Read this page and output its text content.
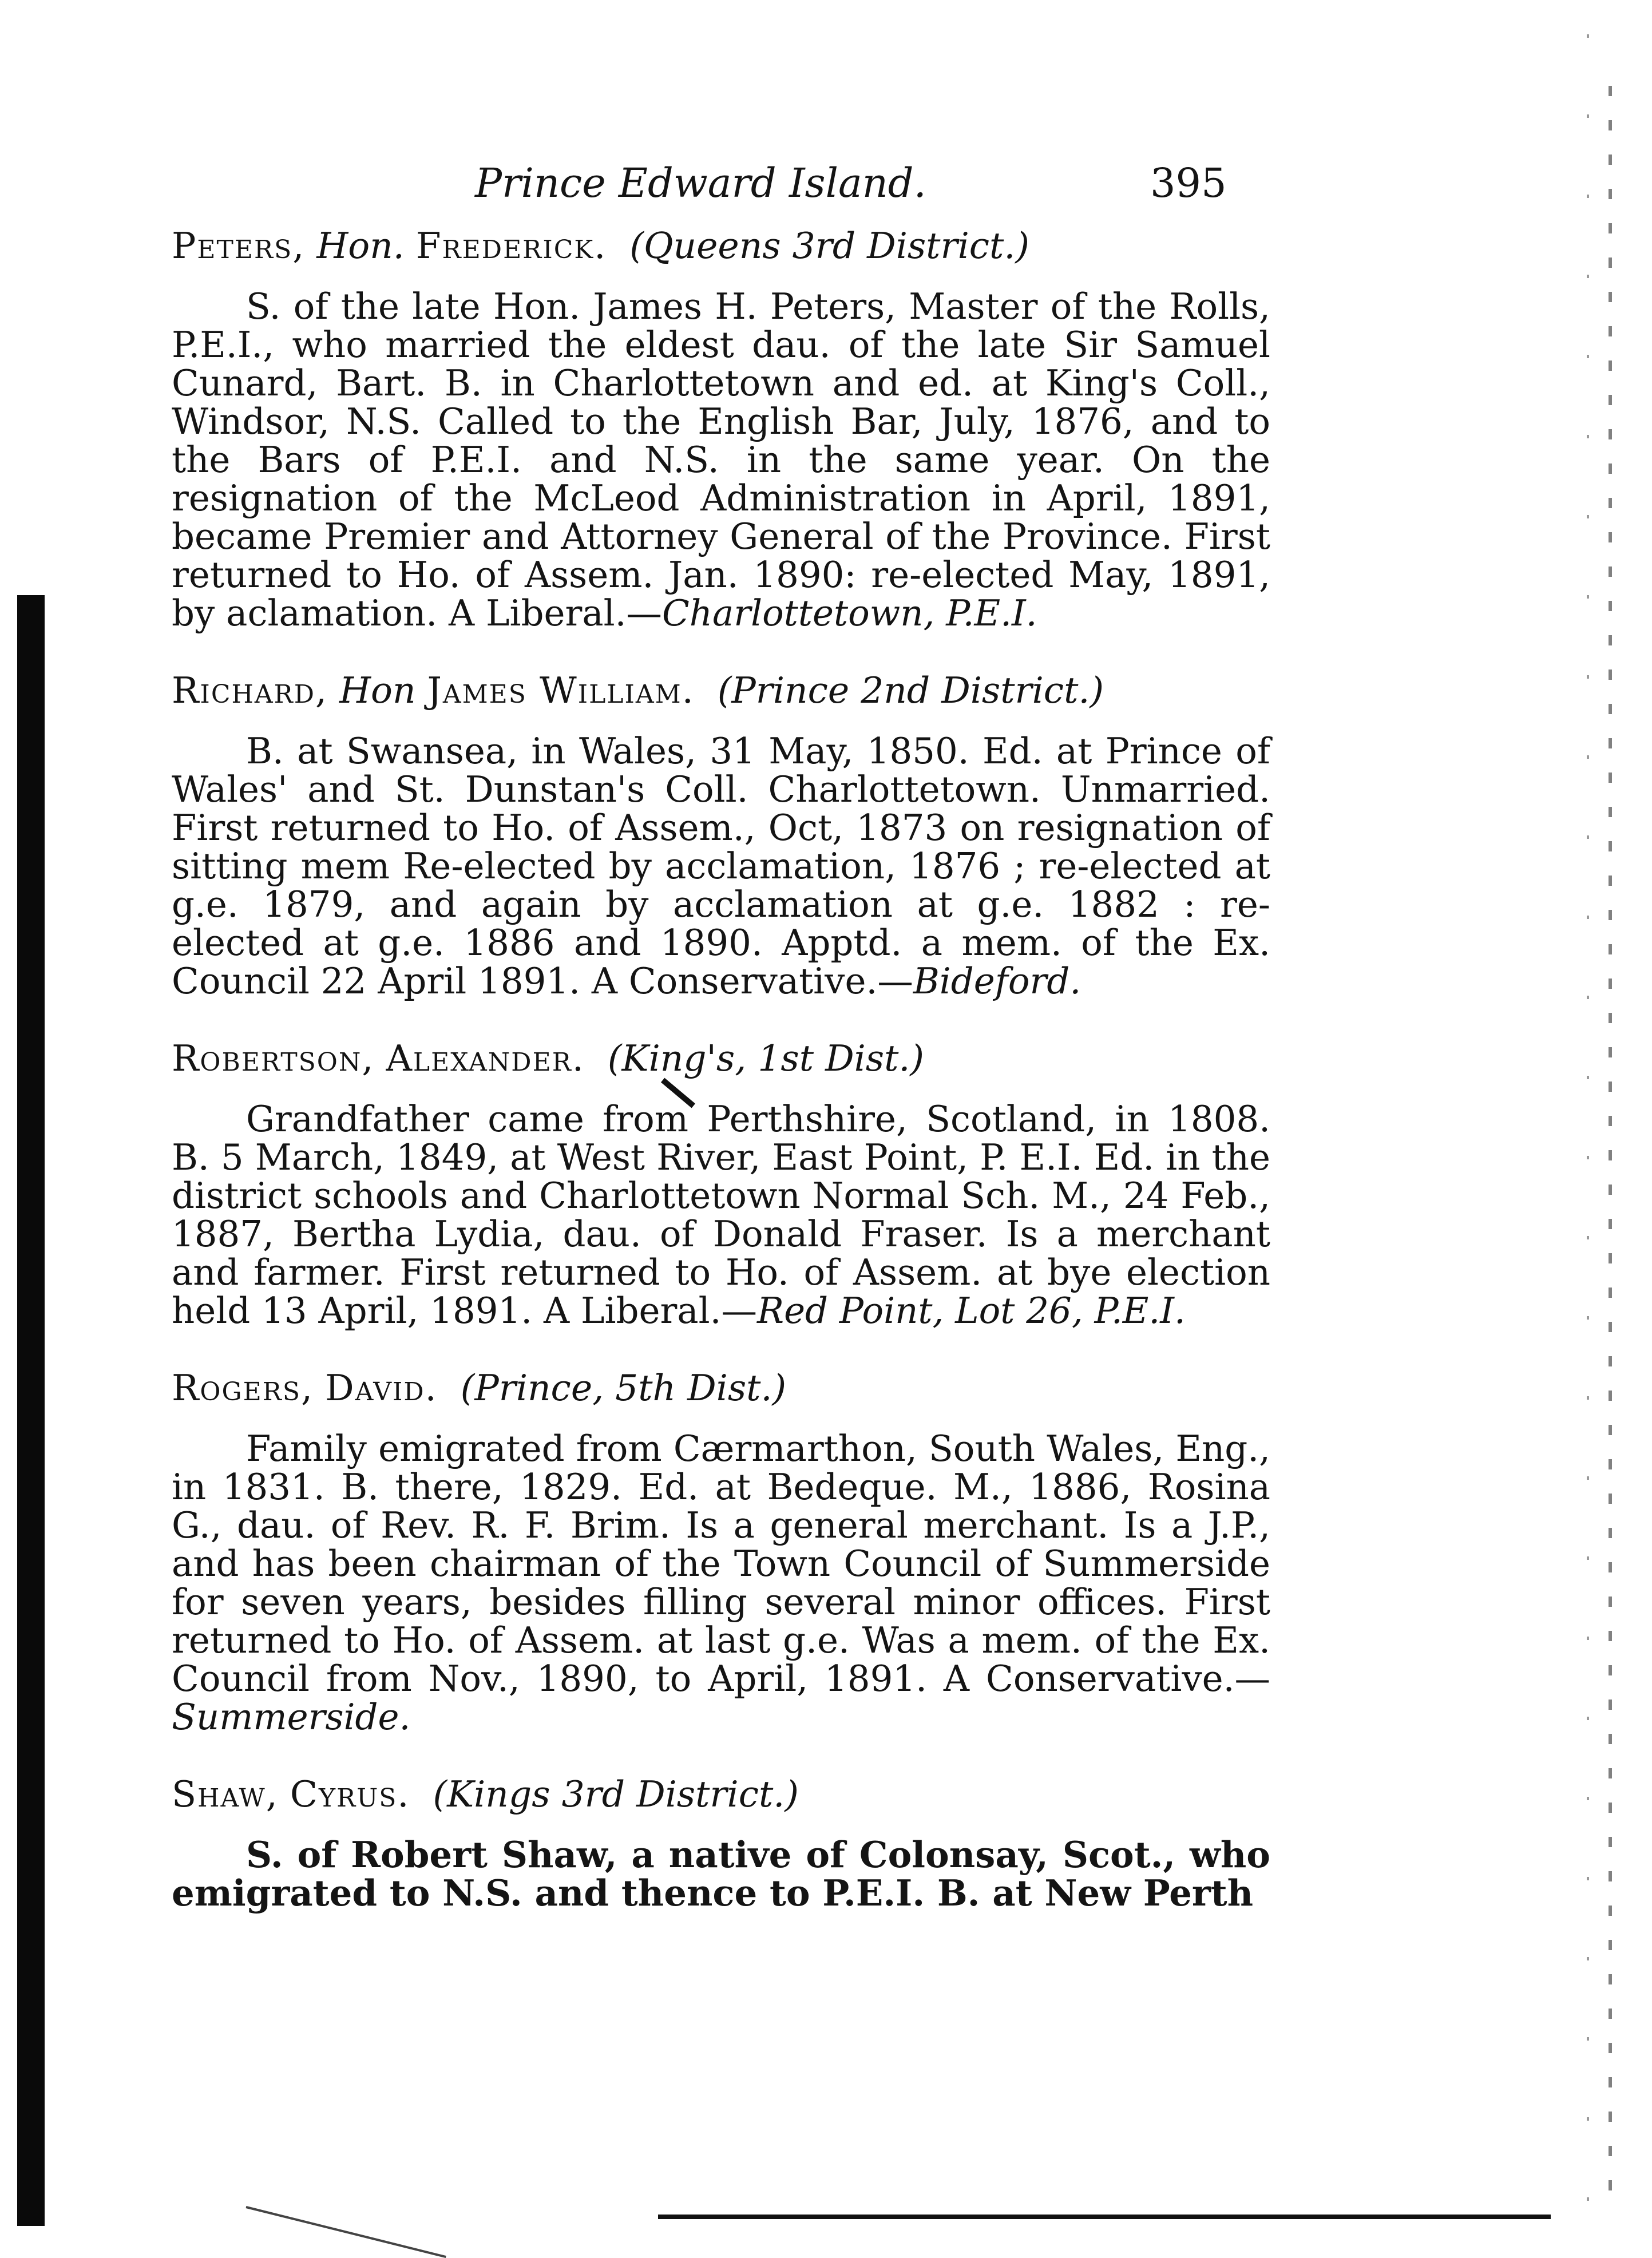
Prince Edward Island.	395
Peters, Hon. Frederick. (Queens 3rd District.)

S. of the late Hon. James H. Peters, Master of the Rolls, P.E.I., who married the eldest dau. of the late Sir Samuel Cunard, Bart. B. in Charlottetown and ed. at King's Coll., Windsor, N.S. Called to the English Bar, July, 1876, and to the Bars of P.E.I. and N.S. in the same year. On the resignation of the McLeod Administration in April, 1891, became Premier and Attorney General of the Province. First returned to Ho. of Assem. Jan. 1890: re-elected May, 1891, by aclamation. A Liberal.—Charlottetown, P.E.I.

Richard, Hon James William. (Prince 2nd District.)

B. at Swansea, in Wales, 31 May, 1850. Ed. at Prince of Wales' and St. Dunstan's Coll. Charlottetown. Unmarried. First returned to Ho. of Assem., Oct, 1873 on resignation of sitting mem Re-elected by acclamation, 1876 ; re-elected at g.e. 1879, and again by acclamation at g.e. 1882 : re-elected at g.e. 1886 and 1890. Apptd. a mem. of the Ex. Council 22 April 1891. A Conservative.—Bideford.

Robertson, Alexander. (King's, 1st Dist.)

Grandfather came from Perthshire, Scotland, in 1808. B. 5 March, 1849, at West River, East Point, P. E.I. Ed. in the district schools and Charlottetown Normal Sch. M., 24 Feb., 1887, Bertha Lydia, dau. of Donald Fraser. Is a merchant and farmer. First returned to Ho. of Assem. at bye election held 13 April, 1891. A Liberal.—Red Point, Lot 26, P.E.I.

Rogers, David. (Prince, 5th Dist.)

Family emigrated from Cærmarthon, South Wales, Eng., in 1831. B. there, 1829. Ed. at Bedeque. M., 1886, Rosina G., dau. of Rev. R. F. Brim. Is a general merchant. Is a J.P., and has been chairman of the Town Council of Summerside for seven years, besides filling several minor offices. First returned to Ho. of Assem. at last g.e. Was a mem. of the Ex. Council from Nov., 1890, to April, 1891. A Conservative.—Summerside.

Shaw, Cyrus. (Kings 3rd District.)

S. of Robert Shaw, a native of Colonsay, Scot., who emigrated to N.S. and thence to P.E.I. B. at New Perth
